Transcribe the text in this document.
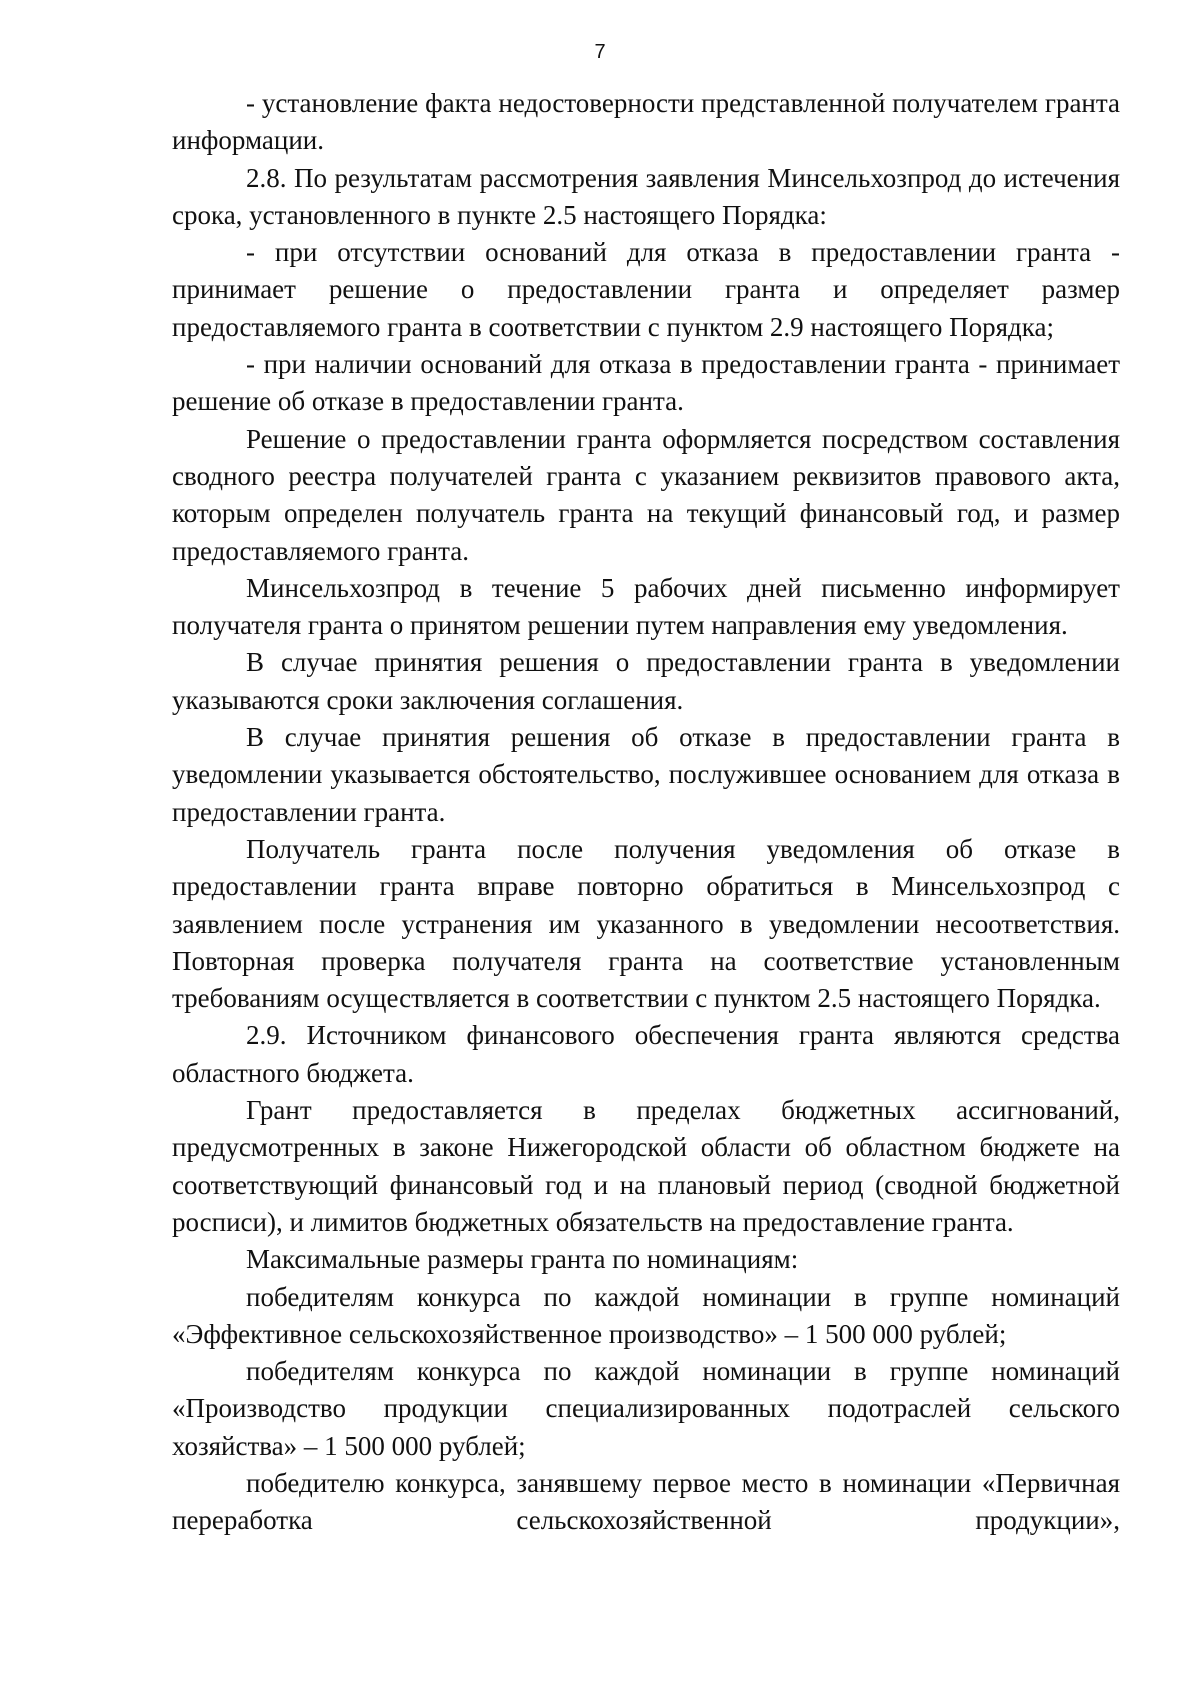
7

- установление факта недостоверности представленной получателем гранта информации.

2.8. По результатам рассмотрения заявления Минсельхозпрод до истечения срока, установленного в пункте 2.5 настоящего Порядка:

- при отсутствии оснований для отказа в предоставлении гранта - принимает решение о предоставлении гранта и определяет размер предоставляемого гранта в соответствии с пунктом 2.9 настоящего Порядка;

- при наличии оснований для отказа в предоставлении гранта - принимает решение об отказе в предоставлении гранта.

Решение о предоставлении гранта оформляется посредством составления сводного реестра получателей гранта с указанием реквизитов правового акта, которым определен получатель гранта на текущий финансовый год, и размер предоставляемого гранта.

Минсельхозпрод в течение 5 рабочих дней письменно информирует получателя гранта о принятом решении путем направления ему уведомления.

В случае принятия решения о предоставлении гранта в уведомлении указываются сроки заключения соглашения.

В случае принятия решения об отказе в предоставлении гранта в уведомлении указывается обстоятельство, послужившее основанием для отказа в предоставлении гранта.

Получатель гранта после получения уведомления об отказе в предоставлении гранта вправе повторно обратиться в Минсельхозпрод с заявлением после устранения им указанного в уведомлении несоответствия. Повторная проверка получателя гранта на соответствие установленным требованиям осуществляется в соответствии с пунктом 2.5 настоящего Порядка.

2.9. Источником финансового обеспечения гранта являются средства областного бюджета.

Грант предоставляется в пределах бюджетных ассигнований, предусмотренных в законе Нижегородской области об областном бюджете на соответствующий финансовый год и на плановый период (сводной бюджетной росписи), и лимитов бюджетных обязательств на предоставление гранта.

Максимальные размеры гранта по номинациям:

победителям конкурса по каждой номинации в группе номинаций «Эффективное сельскохозяйственное производство» – 1 500 000 рублей;

победителям конкурса по каждой номинации в группе номинаций «Производство продукции специализированных подотраслей сельского хозяйства» – 1 500 000 рублей;

победителю конкурса, занявшему первое место в номинации «Первичная переработка сельскохозяйственной продукции»,
